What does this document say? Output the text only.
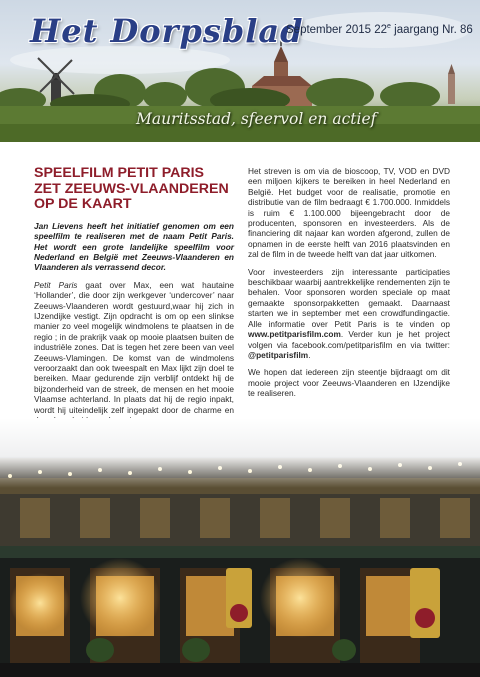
Het Dorpsblad
September 2015 22e jaargang Nr. 86
Mauritsstad, sfeervol en actief
SPEELFILM PETIT PARIS ZET ZEEUWS-VLAANDEREN OP DE KAART

Jan Lievens heeft het initiatief genomen om een speelfilm te realiseren met de naam Petit Paris. Het wordt een grote landelijke speelfilm voor Nederland en België met Zeeuws-Vlaanderen en Vlaanderen als verrassend decor.

Petit Paris gaat over Max, een wat hautaine ‘Hollander’, die door zijn werkgever ‘undercover’ naar Zeeuws-Vlaanderen wordt gestuurd,waar hij zich in IJzendijke vestigt. Zijn opdracht is om op een slinkse manier zo veel mogelijk windmolens te plaatsen in de regio ; in de prakrijk vaak op mooie plaatsen buiten de industriële zones. Dat is tegen het zere been van veel Zeeuws-Vlamingen. De komst van de windmolens veroorzaakt dan ook tweespalt en Max lijkt zijn doel te bereiken. Maar gedurende zijn verblijf ontdekt hij de bijzonderheid van de streek, de mensen en het mooie Vlaamse achterland. In plaats dat hij de regio inpakt, wordt hij uiteindelijk zelf ingepakt door de charme en

Het streven is om via de bioscoop, TV, VOD en DVD een miljoen kijkers te bereiken in heel Nederland en België. Het budget voor de realisatie, promotie en distributie van de film bedraagt € 1.700.000. Inmiddels is ruim € 1.100.000 bijeengebracht door de producenten, sponsoren en investeerders. Als de financiering dit najaar kan worden afgerond, zullen de opnamen in de eerste helft van 2016 plaatsvinden en zal de film in de tweede helft van dat jaar uitkomen.

Voor investeerders zijn interessante participaties beschikbaar waarbij aantrekkelijke rendementen zijn te behalen. Voor sponsoren worden speciale op maat gemaakte sponsorpakketten gemaakt. Daarnaast starten we in september met een crowdfundingactie. Alle informatie over Petit Paris is te vinden op www.petitparisfilm.com. Verder kun je het project volgen via facebook.com/petitparisfilm en via twitter: @petitparisfilm.

We hopen dat iedereen zijn steentje bijdraagt om dit mooie project voor Zeeuws-Vlaanderen en IJzendijke te realiseren.
